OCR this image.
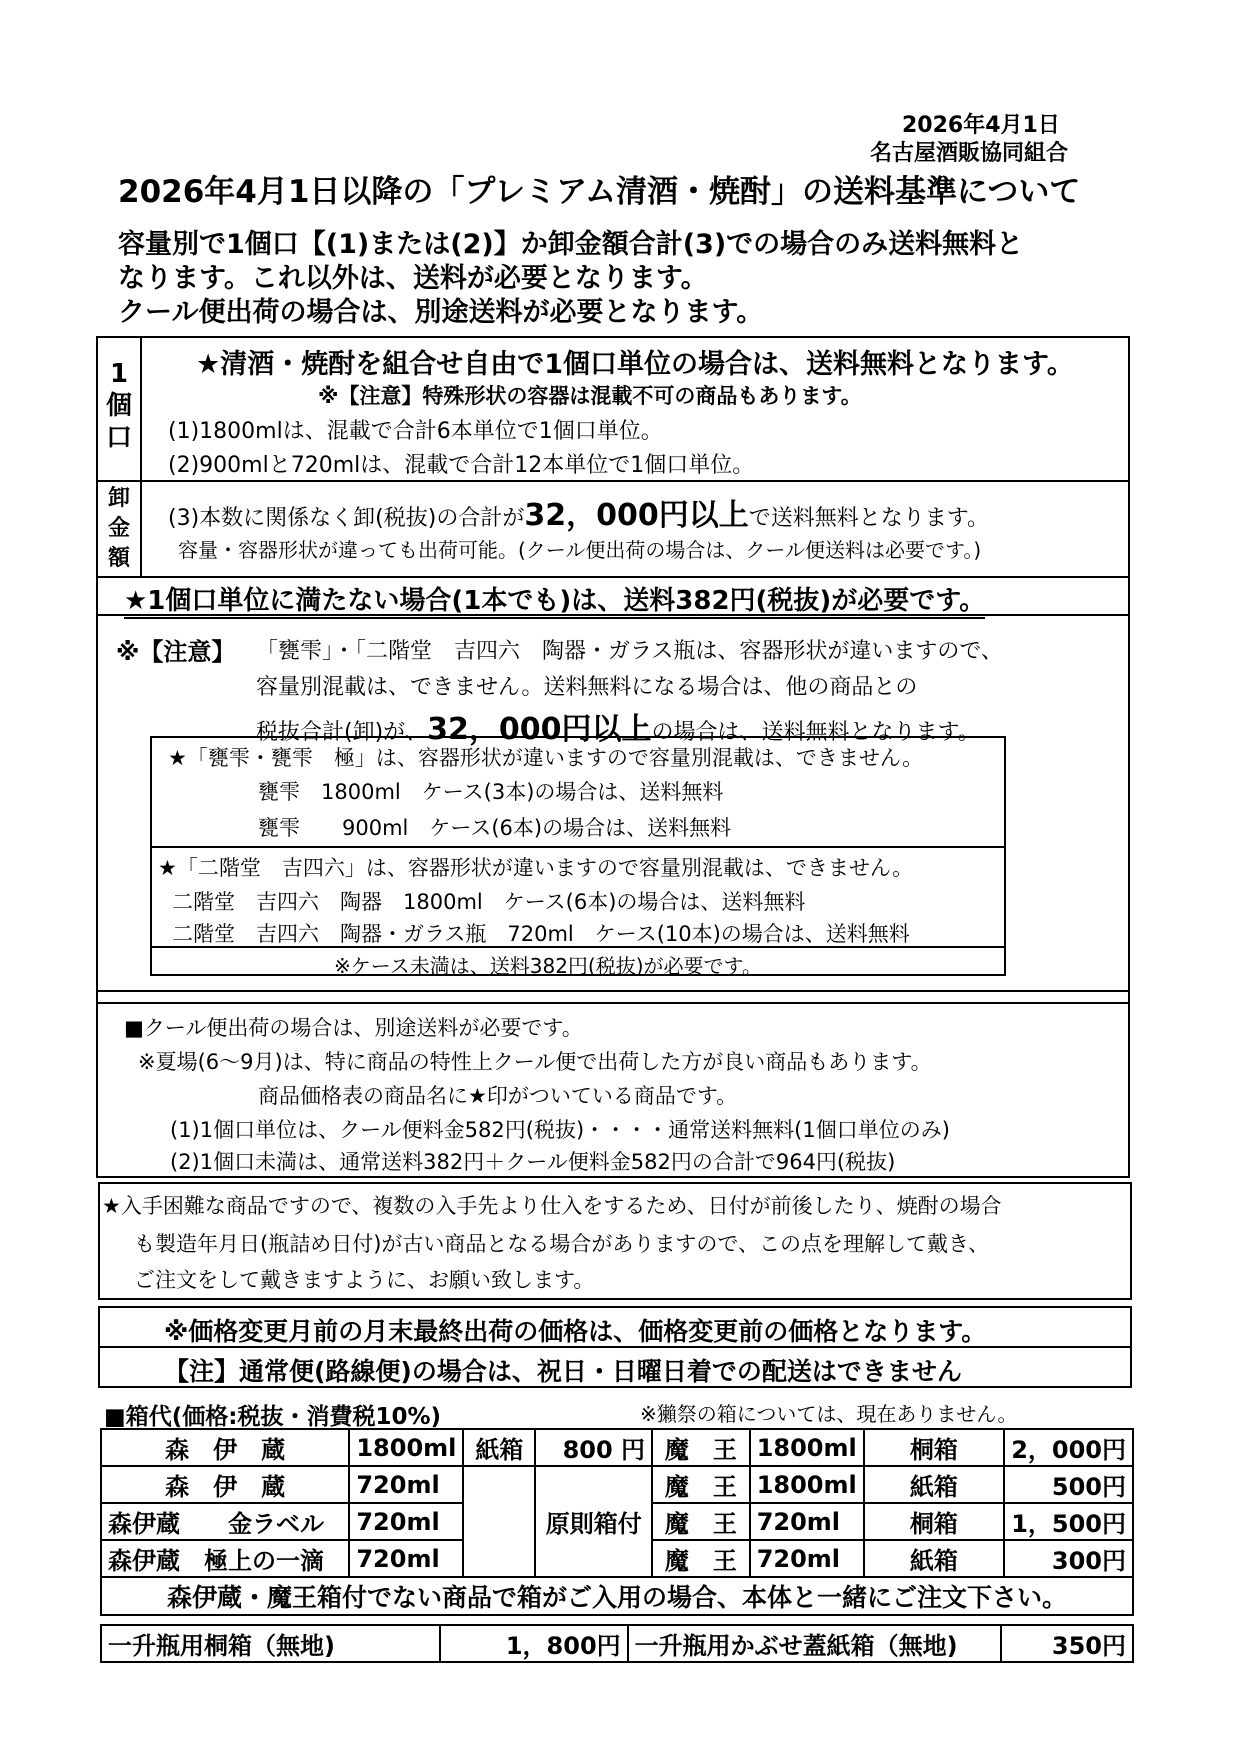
2026年4月1日
名古屋酒販協同組合
2026年4月1日以降の「プレミアム清酒・焼酎」の送料基準について
容量別で1個口【(1)または(2)】か卸金額合計(3)での場合のみ送料無料と
なります。これ以外は、送料が必要となります。
クール便出荷の場合は、別途送料が必要となります。
1
個
口
★清酒・焼酎を組合せ自由で1個口単位の場合は、送料無料となります。
※【注意】特殊形状の容器は混載不可の商品もあります。
(1)1800mlは、混載で合計6本単位で1個口単位。
(2)900mlと720mlは、混載で合計12本単位で1個口単位。
卸
金
額
(3)本数に関係なく卸(税抜)の合計が32，000円以上で送料無料となります。
容量・容器形状が違っても出荷可能。(クール便出荷の場合は、クール便送料は必要です。)
★1個口単位に満たない場合(1本でも)は、送料382円(税抜)が必要です。
※【注意】 「甕雫」・「二階堂　吉四六　陶器・ガラス瓶は、容器形状が違いますので、
容量別混載は、できません。送料無料になる場合は、他の商品との
税抜合計(卸)が、32，000円以上の場合は、送料無料となります。
★「甕雫・甕雫　極」は、容器形状が違いますので容量別混載は、できません。
甕雫　1800ml　ケース(3本)の場合は、送料無料
甕雫　　900ml　ケース(6本)の場合は、送料無料
★「二階堂　吉四六」は、容器形状が違いますので容量別混載は、できません。
二階堂　吉四六　陶器　1800ml　ケース(6本)の場合は、送料無料
二階堂　吉四六　陶器・ガラス瓶　720ml　ケース(10本)の場合は、送料無料
※ケース未満は、送料382円(税抜)が必要です。
■クール便出荷の場合は、別途送料が必要です。
※夏場(6～9月)は、特に商品の特性上クール便で出荷した方が良い商品もあります。
商品価格表の商品名に★印がついている商品です。
(1)1個口単位は、クール便料金582円(税抜)・・・・通常送料無料(1個口単位のみ)
(2)1個口未満は、通常送料382円＋クール便料金582円の合計で964円(税抜)
★入手困難な商品ですので、複数の入手先より仕入をするため、日付が前後したり、焼酎の場合
も製造年月日(瓶詰め日付)が古い商品となる場合がありますので、この点を理解して戴き、
ご注文をして戴きますように、お願い致します。
※価格変更月前の月末最終出荷の価格は、価格変更前の価格となります。
【注】通常便(路線便)の場合は、祝日・日曜日着での配送はできません
■箱代(価格:税抜・消費税10%)	※獺祭の箱については、現在ありません。
森　伊　蔵	1800ml	紙箱	800 円	魔　王	1800ml	桐箱	2，000円
森　伊　蔵	720ml		原則箱付	魔　王	1800ml	紙箱	500円
森伊蔵　　金ラベル	720ml			魔　王	720ml	桐箱	1，500円
森伊蔵　極上の一滴	720ml			魔　王	720ml	紙箱	300円
森伊蔵・魔王箱付でない商品で箱がご入用の場合、本体と一緒にご注文下さい。							
一升瓶用桐箱（無地)	1，800円	一升瓶用かぶせ蓋紙箱（無地)	350円
